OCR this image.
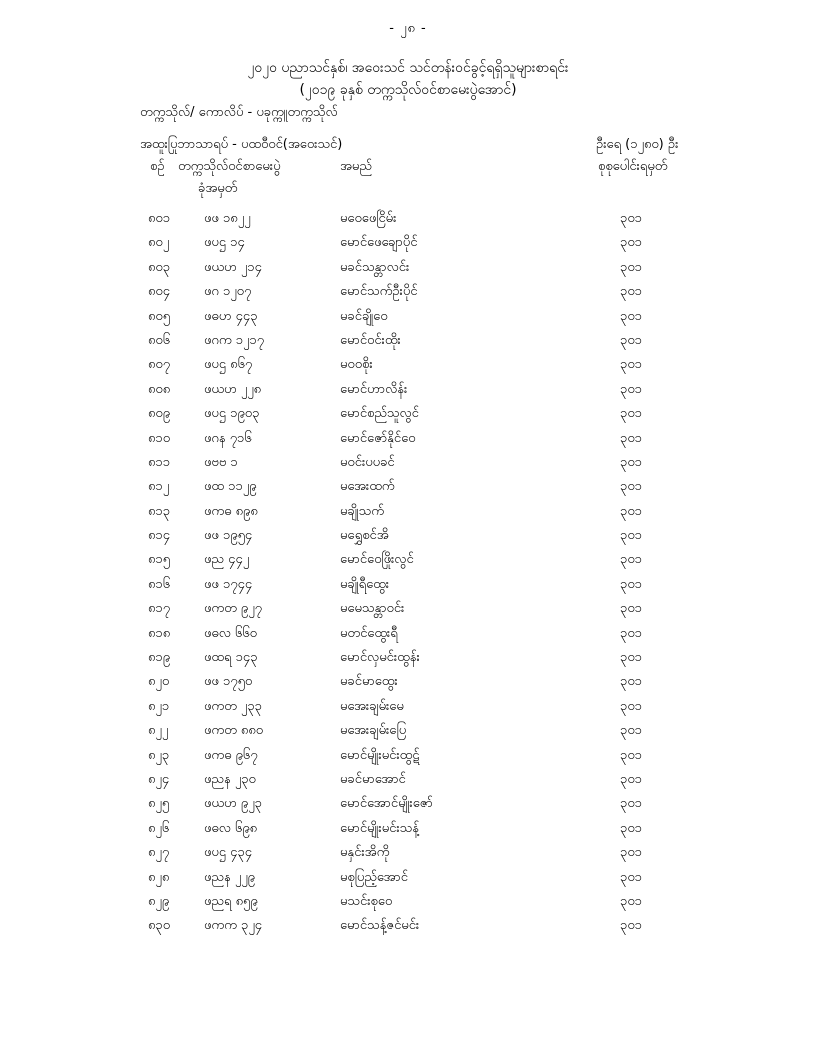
- ၂၈ -
၂၀၂၀ ပညာသင်နှစ်၊ အဝေးသင် သင်တန်းဝင်ခွင့်ရရှိသူများစာရင်း
(၂၀၁၉ ခုနှစ် တက္ကသိုလ်ဝင်စာမေးပွဲအောင်)
တက္ကသိုလ်/ ကောလိပ် - ပခုက္ကူတက္ကသိုလ်
အထူးပြုဘာသာရပ် - ပထဝီဝင်(အဝေးသင်)	ဦးရေ (၁၂၈၀) ဦး
စဉ် တက္ကသိုလ်ဝင်စာမေးပွဲ
ခုံအမှတ်
အမည်	စုစုပေါင်းရမှတ်
၈၀၁	ဖဖ ၁၈၂၂	မဝေဖေငြိမ်း	၃၀၁
၈၀၂	ဖပဌ ၁၄	မောင်ဖေချောပိုင်	၃၀၁
၈၀၃	ဖယဟ ၂၁၄	မခင်သန္တာလင်း	၃၀၁
၈၀၄	ဖဂ ၁၂၀၇	မောင်သက်ဦးပိုင်	၃၀၁
၈၀၅	ဖဓဟ ၄၄၃	မခင်ချိုဝေ	၃၀၁
၈၀၆	ဖဂက ၁၂၁၇	မောင်ဝင်းထိုး	၃၀၁
၈၀၇	ဖပဌ ၈၆၇	မဝဝစိုး	၃၀၁
၈၀၈	ဖယဟ ၂၂၈	မောင်ဟာလိန်း	၃၀၁
၈၀၉	ဖပဌ ၁၉၀၃	မောင်စည်သူလွင်	၃၀၁
၈၁၀	ဖဂန ၇၁၆	မောင်ဇော်နိုင်ဝေ	၃၀၁
၈၁၁	ဖဗဗ ၁	မဝင်းပပခင်	၃၀၁
၈၁၂	ဖထ ၁၁၂၉	မအေးထက်	၃၀၁
၈၁၃	ဖကဓ ၈၉၈	မချိုသက်	၃၀၁
၈၁၄	ဖဖ ၁၉၅၄	မရွှေစင်အိ	၃၀၁
၈၁၅	ဖည ၄၄၂	မောင်ဝေဖြိုးလွင်	၃၀၁
၈၁၆	ဖဖ ၁၇၄၄	မချိုရီထွေး	၃၀၁
၈၁၇	ဖကတ ၉၂၇	မမေသန္တာဝင်း	၃၀၁
၈၁၈	ဖဓလ ၆၆၀	မတင်ထွေးရီ	၃၀၁
၈၁၉	ဖထရ ၁၄၃	မောင်လှမင်းထွန်း	၃၀၁
၈၂၀	ဖဖ ၁၇၅၀	မခင်မာထွေး	၃၀၁
၈၂၁	ဖကတ ၂၃၃	မအေးချမ်းမေ	၃၀၁
၈၂၂	ဖကတ ၈၈၀	မအေးချမ်းပြေ	၃၀၁
၈၂၃	ဖကဓ ၉၆၇	မောင်မျိုးမင်းထွဋ်	၃၀၁
၈၂၄	ဖညန ၂၃၀	မခင်မာအောင်	၃၀၁
၈၂၅	ဖယဟ ၉၂၃	မောင်အောင်မျိုးဇော်	၃၀၁
၈၂၆	ဖဓလ ၆၉၈	မောင်မျိုးမင်းသန့်	၃၀၁
၈၂၇	ဖပဌ ၄၃၄	မနှင်းအိကို	၃၀၁
၈၂၈	ဖညန ၂၂၉	မစုပြည့်အောင်	၃၀၁
၈၂၉	ဖညရ ၈၅၉	မသင်းစုဝေ	၃၀၁
၈၃၀	ဖကက ၃၂၄	မောင်သန့်ဇင်မင်း	၃၀၁
